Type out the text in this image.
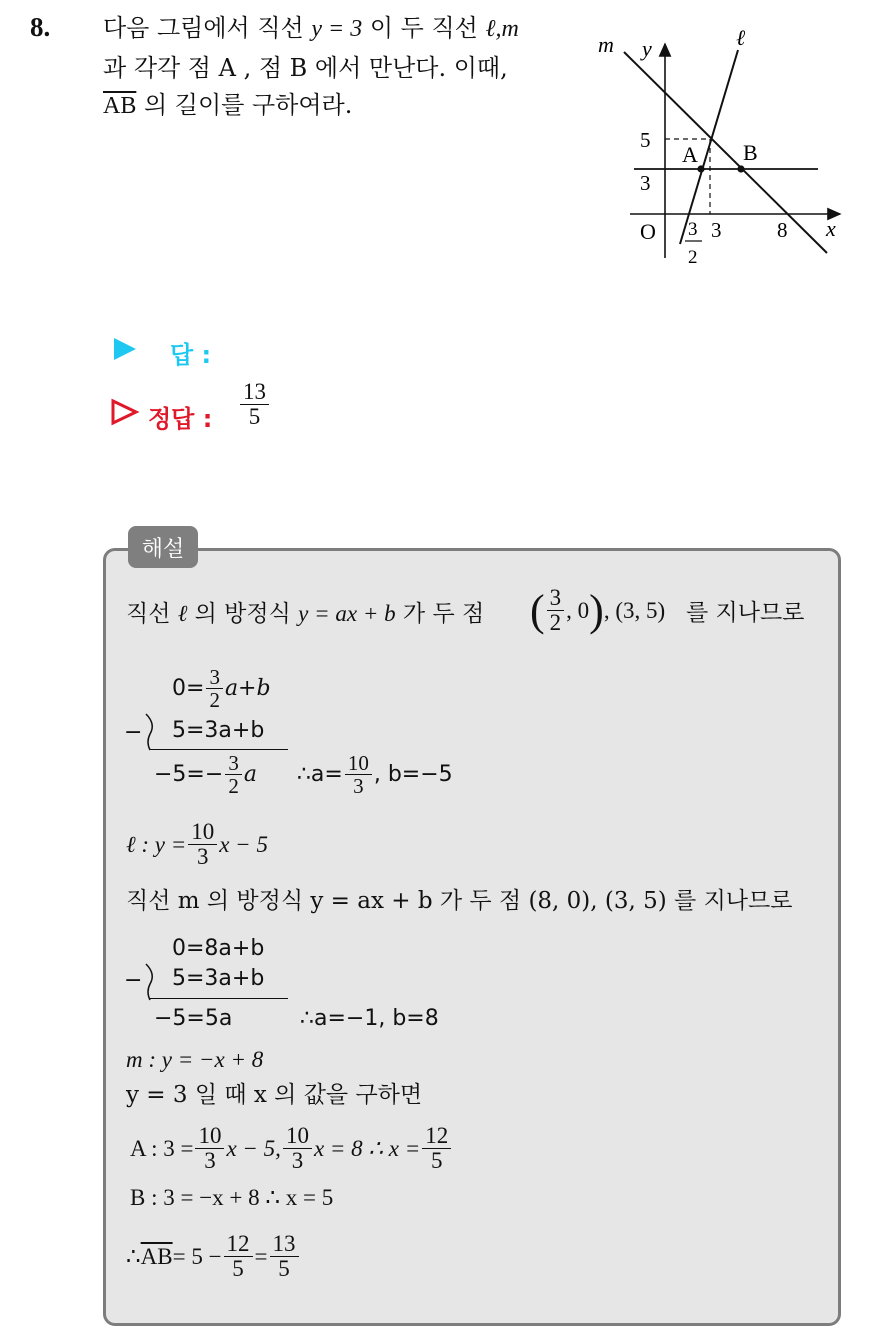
8. 다음 그림에서 직선 y = 3 이 두 직선 ℓ,m
과 각각 점 A , 점 B 에서 만난다. 이때,
$\overline{AB}$ 의 길이를 구하여라.
m y	ℓ
5
3
A B
O 3
2
3	8 x
답 :
정답 : $\frac{13}{5}$
해설
직선 ℓ 의 방정식 y = ax + b 가 두 점 ( $\frac{3}{2}$ , 0 ) , (3, 5) 를 지나므로
$0= \frac{3}{2} a+b$
− 5=3a+b
$-5=- \frac{3}{2}$ a ∴a= $\frac{10}{3}$ , b=−5
ℓ : $y = \frac{10}{3}$ x − 5
직선 m 의 방정식 y = ax + b 가 두 점 (8, 0), (3, 5) 를 지나므로
0=8a+b
− 5=3a+b
−5=5a	∴a=−1, b=8
m : y = −x + 8
y = 3 일 때 x 의 값을 구하면
A : $3 = \frac{10}{3}$ x − 5, $\frac{10}{3}$ x = 8 ∴ $x = \frac{12}{5}$
B : 3 = −x + 8 ∴ x = 5
∴ $\overline{AB} = 5 - \frac{12}{5} = \frac{13}{5}$
